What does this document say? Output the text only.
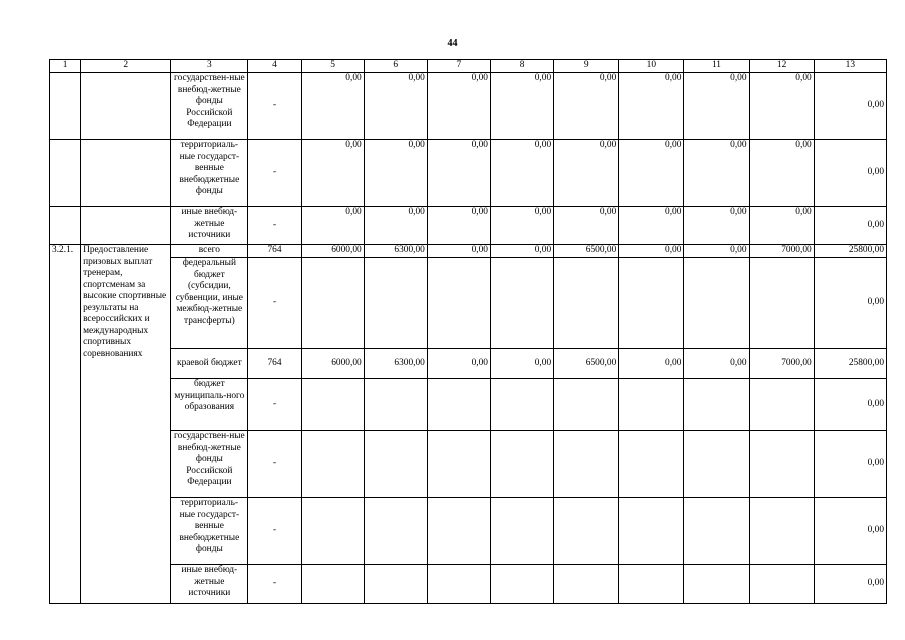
44
1	2	3	4	5	6	7	8	9	10	11	12	13
		государствен-ные внебюд-жетные фонды Российской Федерации	-	0,00	0,00	0,00	0,00	0,00	0,00	0,00	0,00	0,00
		территориаль-ные государст-венные внебюджетные фонды	-	0,00	0,00	0,00	0,00	0,00	0,00	0,00	0,00	0,00
		иные внебюд-жетные источники	-	0,00	0,00	0,00	0,00	0,00	0,00	0,00	0,00	0,00
3.2.1.	Предоставление призовых выплат тренерам, спортсменам за высокие спортивные результаты на всероссийских и международных спортивных соревнованиях	всего	764	6000,00	6300,00	0,00	0,00	6500,00	0,00	0,00	7000,00	25800,00
		федеральный бюджет (субсидии, субвенции, иные межбюд-жетные трансферты)	-									0,00
		краевой бюджет	764	6000,00	6300,00	0,00	0,00	6500,00	0,00	0,00	7000,00	25800,00
		бюджет муниципаль-ного образования	-									0,00
		государствен-ные внебюд-жетные фонды Российской Федерации	-									0,00
		территориаль-ные государст-венные внебюджетные фонды	-									0,00
		иные внебюд-жетные источники	-									0,00
